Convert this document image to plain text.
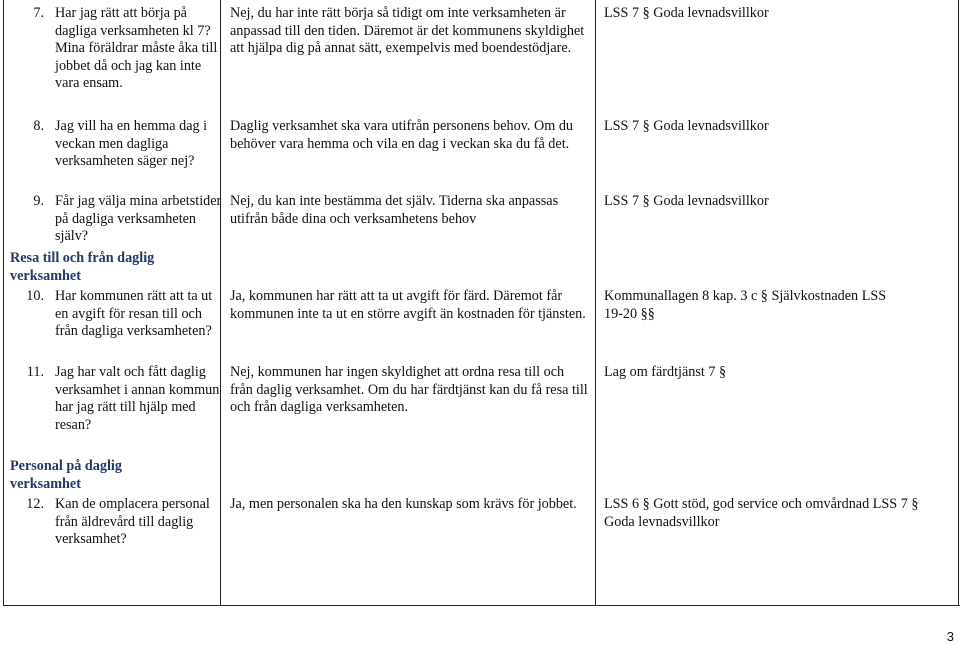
7. Har jag rätt att börja på dagliga verksamheten kl 7? Mina föräldrar måste åka till jobbet då och jag kan inte vara ensam.
8. Jag vill ha en hemma dag i veckan men dagliga verksamheten säger nej?
9. Får jag välja mina arbetstider på dagliga verksamheten själv?
Resa till och från daglig verksamhet
10. Har kommunen rätt att ta ut en avgift för resan till och från dagliga verksamheten?
11. Jag har valt och fått daglig verksamhet i annan kommun har jag rätt till hjälp med resan?
Personal på daglig verksamhet
12. Kan de omplacera personal från äldrevård till daglig verksamhet?
Nej, du har inte rätt börja så tidigt om inte verksamheten är anpassad till den tiden. Däremot är det kommunens skyldighet att hjälpa dig på annat sätt, exempelvis med boendestödjare.
Daglig verksamhet ska vara utifrån personens behov. Om du behöver vara hemma och vila en dag i veckan ska du få det.
Nej, du kan inte bestämma det själv. Tiderna ska anpassas utifrån både dina och verksamhetens behov
Ja, kommunen har rätt att ta ut avgift för färd. Däremot får kommunen inte ta ut en större avgift än kostnaden för tjänsten.
Nej, kommunen har ingen skyldighet att ordna resa till och från daglig verksamhet. Om du har färdtjänst kan du få resa till och från dagliga verksamheten.
Ja, men personalen ska ha den kunskap som krävs för jobbet.
LSS 7 § Goda levnadsvillkor
LSS 7 § Goda levnadsvillkor
LSS 7 § Goda levnadsvillkor
Kommunallagen 8 kap. 3 c § Självkostnaden LSS 19-20 §§
Lag om färdtjänst 7 §
LSS 6 § Gott stöd, god service och omvårdnad LSS 7 § Goda levnadsvillkor
3
